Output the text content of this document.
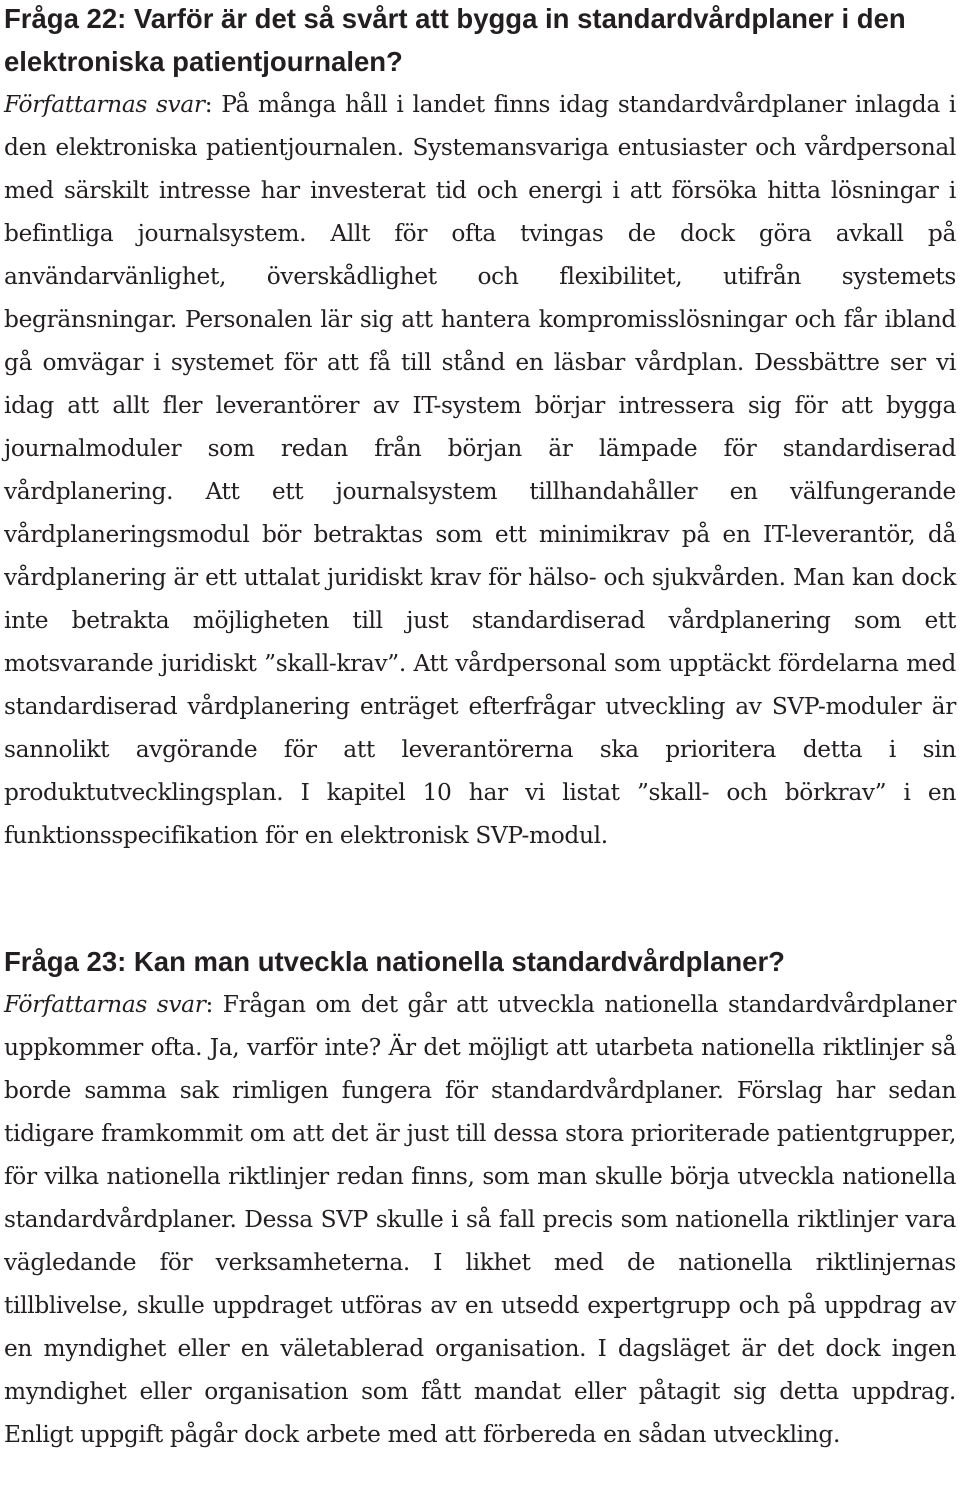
Fråga 22: Varför är det så svårt att bygga in standardvårdplaner i den elektroniska patientjournalen?

Författarnas svar: På många håll i landet finns idag standardvårdplaner inlagda i den elektroniska patientjournalen. Systemansvariga entusiaster och vårdpersonal med särskilt intresse har investerat tid och energi i att försöka hitta lösningar i befintliga journalsystem. Allt för ofta tvingas de dock göra avkall på användarvänlighet, överskådlighet och flexibilitet, utifrån systemets begränsningar. Personalen lär sig att hantera kompromisslösningar och får ibland gå omvägar i systemet för att få till stånd en läsbar vårdplan. Dessbättre ser vi idag att allt fler leverantörer av IT-system börjar intressera sig för att bygga journalmoduler som redan från början är lämpade för standardiserad vårdplanering. Att ett journalsystem tillhandahåller en välfungerande vårdplaneringsmodul bör betraktas som ett minimikrav på en IT-leverantör, då vårdplanering är ett uttalat juridiskt krav för hälso- och sjukvården. Man kan dock inte betrakta möjligheten till just standardiserad vårdplanering som ett motsvarande juridiskt ”skall-krav”. Att vårdpersonal som upptäckt fördelarna med standardiserad vårdplanering enträget efterfrågar utveckling av SVP-moduler är sannolikt avgörande för att leverantörerna ska prioritera detta i sin produktutvecklingsplan. I kapitel 10 har vi listat ”skall- och börkrav” i en funktionsspecifikation för en elektronisk SVP-modul.

Fråga 23: Kan man utveckla nationella standardvårdplaner?

Författarnas svar: Frågan om det går att utveckla nationella standardvårdplaner uppkommer ofta. Ja, varför inte? Är det möjligt att utarbeta nationella riktlinjer så borde samma sak rimligen fungera för standardvårdplaner. Förslag har sedan tidigare framkommit om att det är just till dessa stora prioriterade patientgrupper, för vilka nationella riktlinjer redan finns, som man skulle börja utveckla nationella standardvårdplaner. Dessa SVP skulle i så fall precis som nationella riktlinjer vara vägledande för verksamheterna. I likhet med de nationella riktlinjernas tillblivelse, skulle uppdraget utföras av en utsedd expertgrupp och på uppdrag av en myndighet eller en väletablerad organisation. I dagsläget är det dock ingen myndighet eller organisation som fått mandat eller påtagit sig detta uppdrag. Enligt uppgift pågår dock arbete med att förbereda en sådan utveckling.
